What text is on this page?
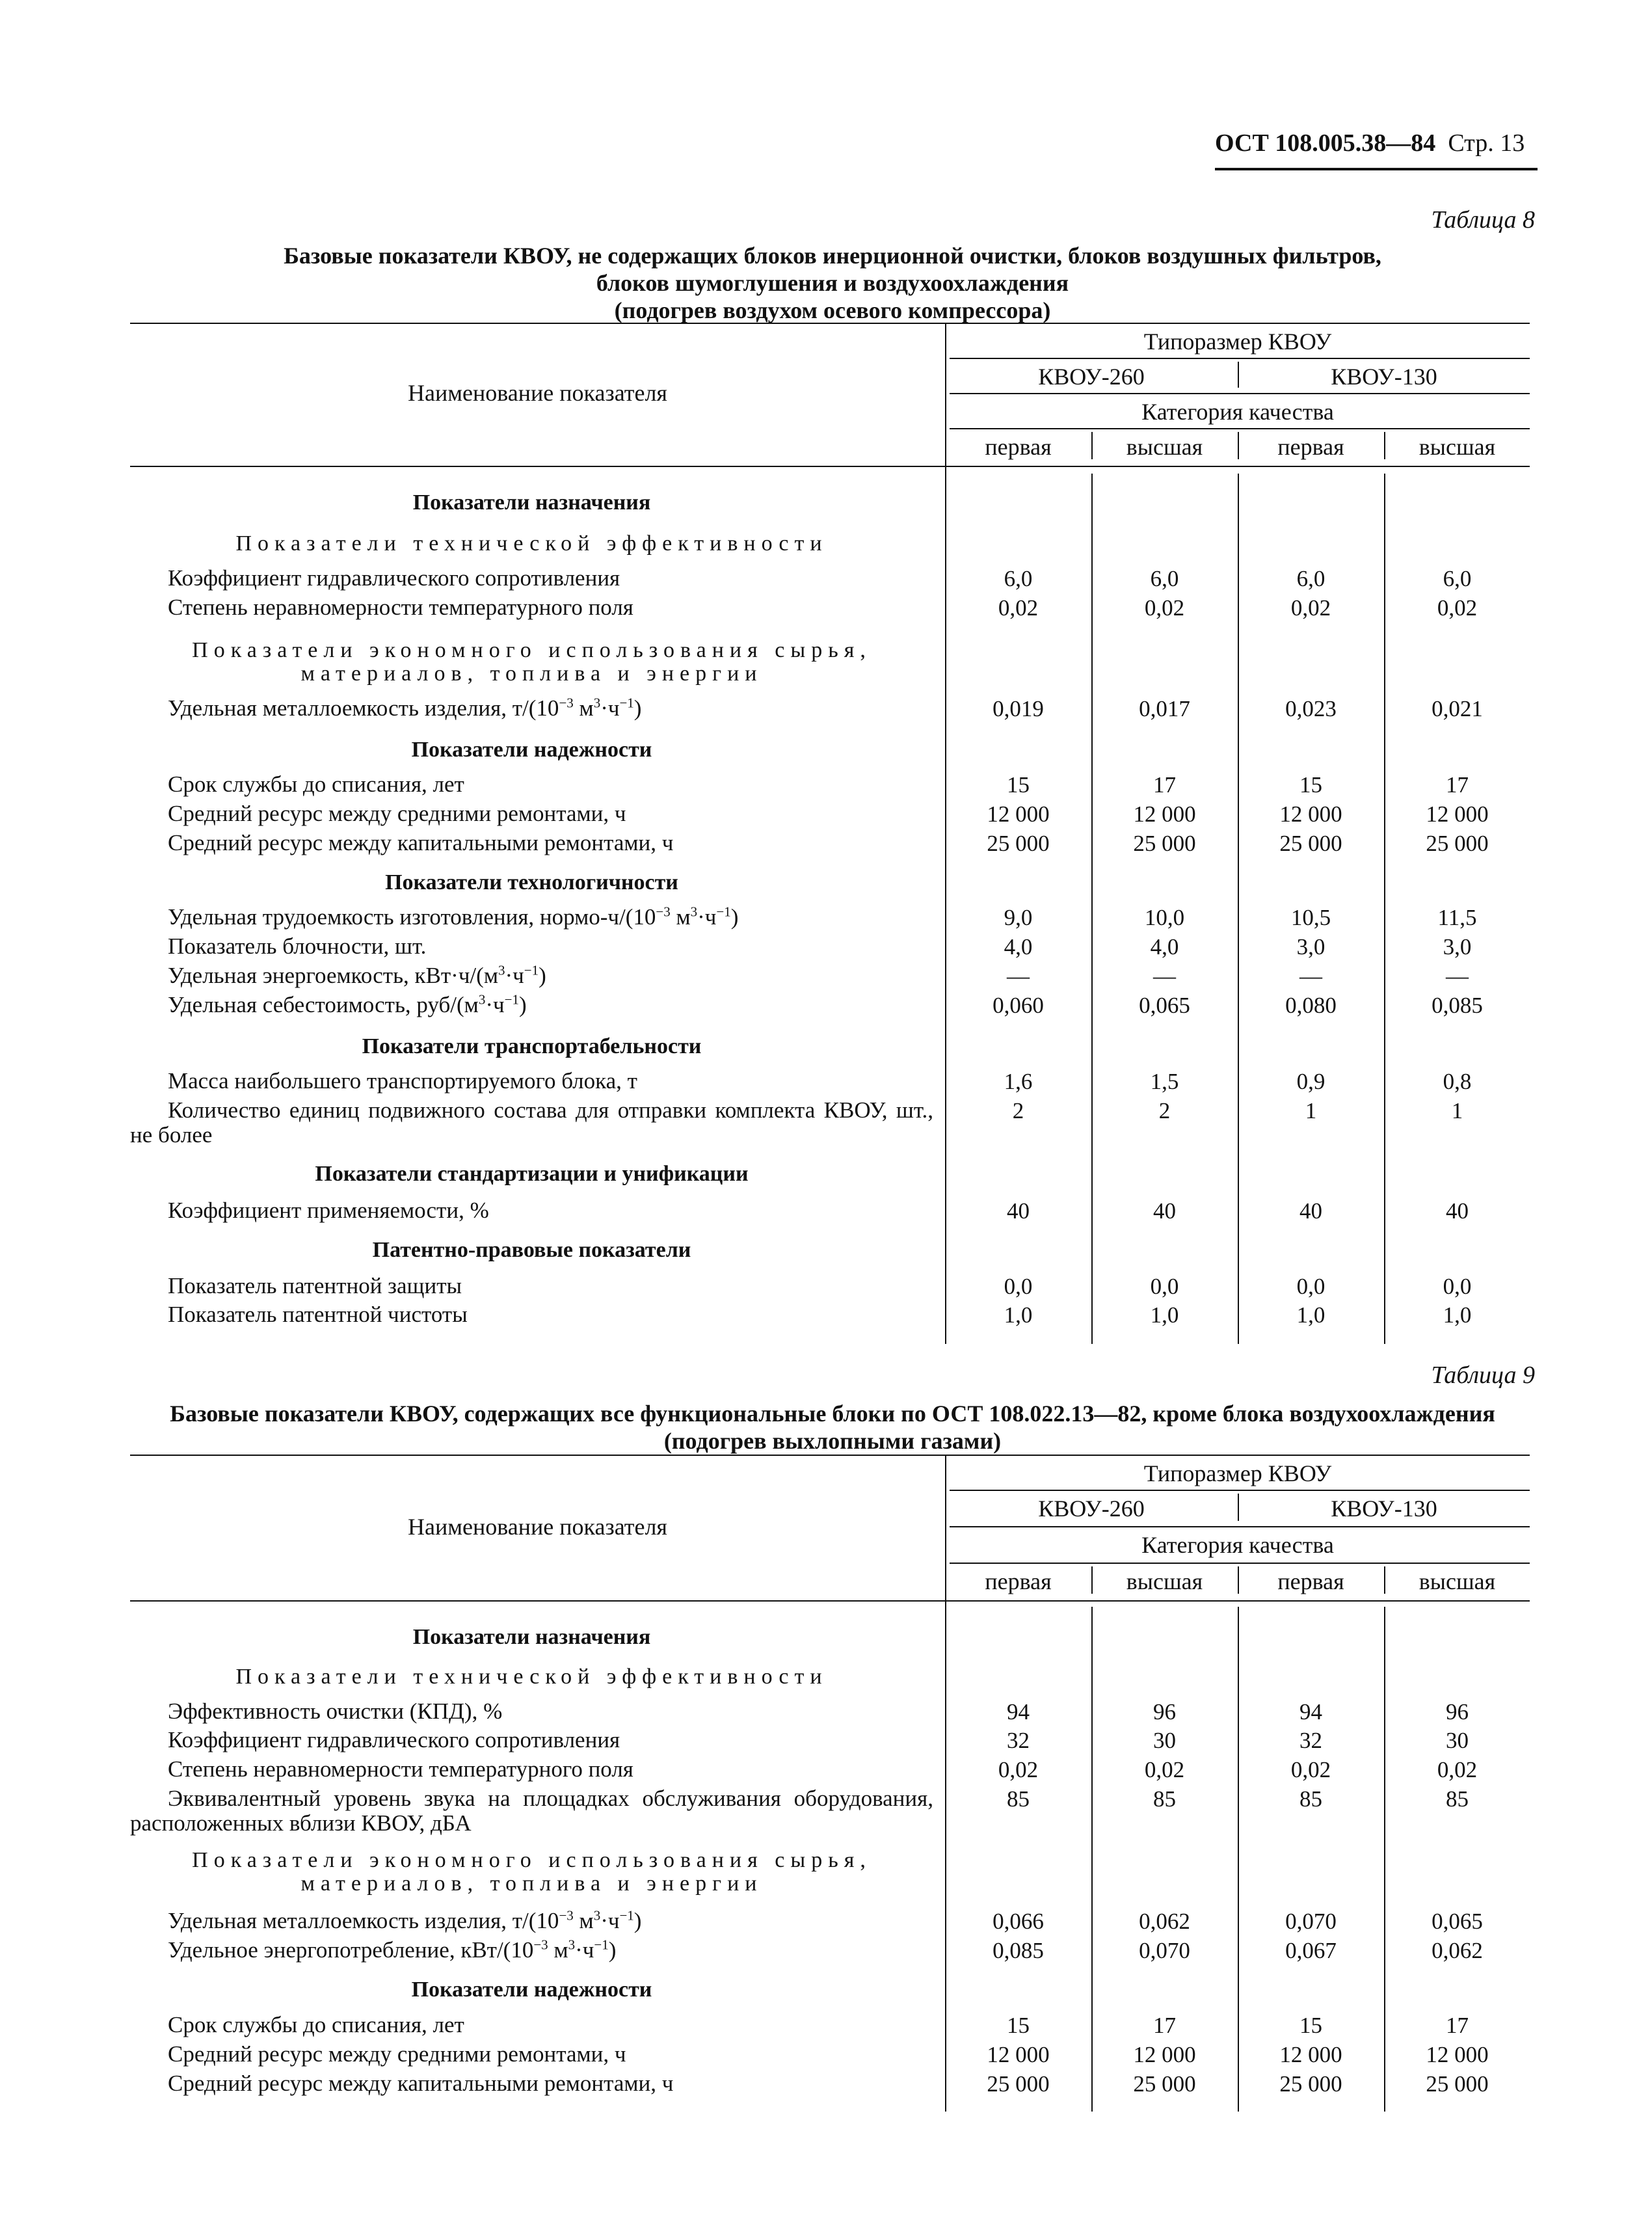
ОСТ 108.005.38—84 Стр. 13
Таблица 8
Базовые показатели КВОУ, не содержащих блоков инерционной очистки, блоков воздушных фильтров,
блоков шумоглушения и воздухоохлаждения
(подогрев воздухом осевого компрессора)
Наименование показателя
Типоразмер КВОУ
КВОУ-260	КВОУ-130
Категория качества
первая	высшая	первая	высшая
Показатели назначения
Показатели технической эффективности
Коэффициент гидравлического сопротивления	6,0	6,0	6,0	6,0
Степень неравномерности температурного поля	0,02	0,02	0,02	0,02
Показатели экономного использования сырья,
материалов, топлива и энергии
Удельная металлоемкость изделия, $т/(10^{-3}$ $м^3\cdot ч^{-1}$)	0,019	0,017	0,023	0,021
Показатели надежности
Срок службы до списания, лет	15	17	15	17
Средний ресурс между средними ремонтами, ч	12 000	12 000	12 000	12 000
Средний ресурс между капитальными ремонтами, ч	25 000	25 000	25 000	25 000
Показатели технологичности
Удельная трудоемкость изготовления, нормо-$ч/(10^{-3}$ $м^3\cdot ч^{-1}$)	9,0	10,0	10,5	11,5
Показатель блочности, шт.	4,0	4,0	3,0	3,0
Удельная энергоемкость, $кВт\cdot ч/(м^3\cdot ч^{-1})$	—	—	—	—
Удельная себестоимость, руб/$(м^3\cdot ч^{-1})$	0,060	0,065	0,080	0,085
Показатели транспортабельности
Масса наибольшего транспортируемого блока, т	1,6	1,5	0,9	0,8
Количество единиц подвижного состава для отправки комплекта КВОУ, шт., не более
2	2	1	1
Показатели стандартизации и унификации
Коэффициент применяемости, %	40	40	40	40
Патентно-правовые показатели
Показатель патентной защиты	0,0	0,0	0,0	0,0
Показатель патентной чистоты	1,0	1,0	1,0	1,0
Таблица 9
Базовые показатели КВОУ, содержащих все функциональные блоки по ОСТ 108.022.13—82, кроме блока воздухоохлаждения
(подогрев выхлопными газами)
Наименование показателя
Типоразмер КВОУ
КВОУ-260	КВОУ-130
Категория качества
первая	высшая	первая	высшая
Показатели назначения
Показатели технической эффективности
Эффективность очистки (КПД), %	94	96	94	96
Коэффициент гидравлического сопротивления	32	30	32	30
Степень неравномерности температурного поля	0,02	0,02	0,02	0,02
Эквивалентный уровень звука на площадках обслуживания оборудования, расположенных вблизи КВОУ, дБА
85	85	85	85
Показатели экономного использования сырья,
материалов, топлива и энергии
Удельная металлоемкость изделия, $т/(10^{-3}$ $м^3\cdot ч^{-1}$)	0,066	0,062	0,070	0,065
Удельное энергопотребление, кВт/($10^{-3}$ $м^3\cdot ч^{-1}$)	0,085	0,070	0,067	0,062
Показатели надежности
Срок службы до списания, лет	15	17	15	17
Средний ресурс между средними ремонтами, ч	12 000	12 000	12 000	12 000
Средний ресурс между капитальными ремонтами, ч	25 000	25 000	25 000	25 000
